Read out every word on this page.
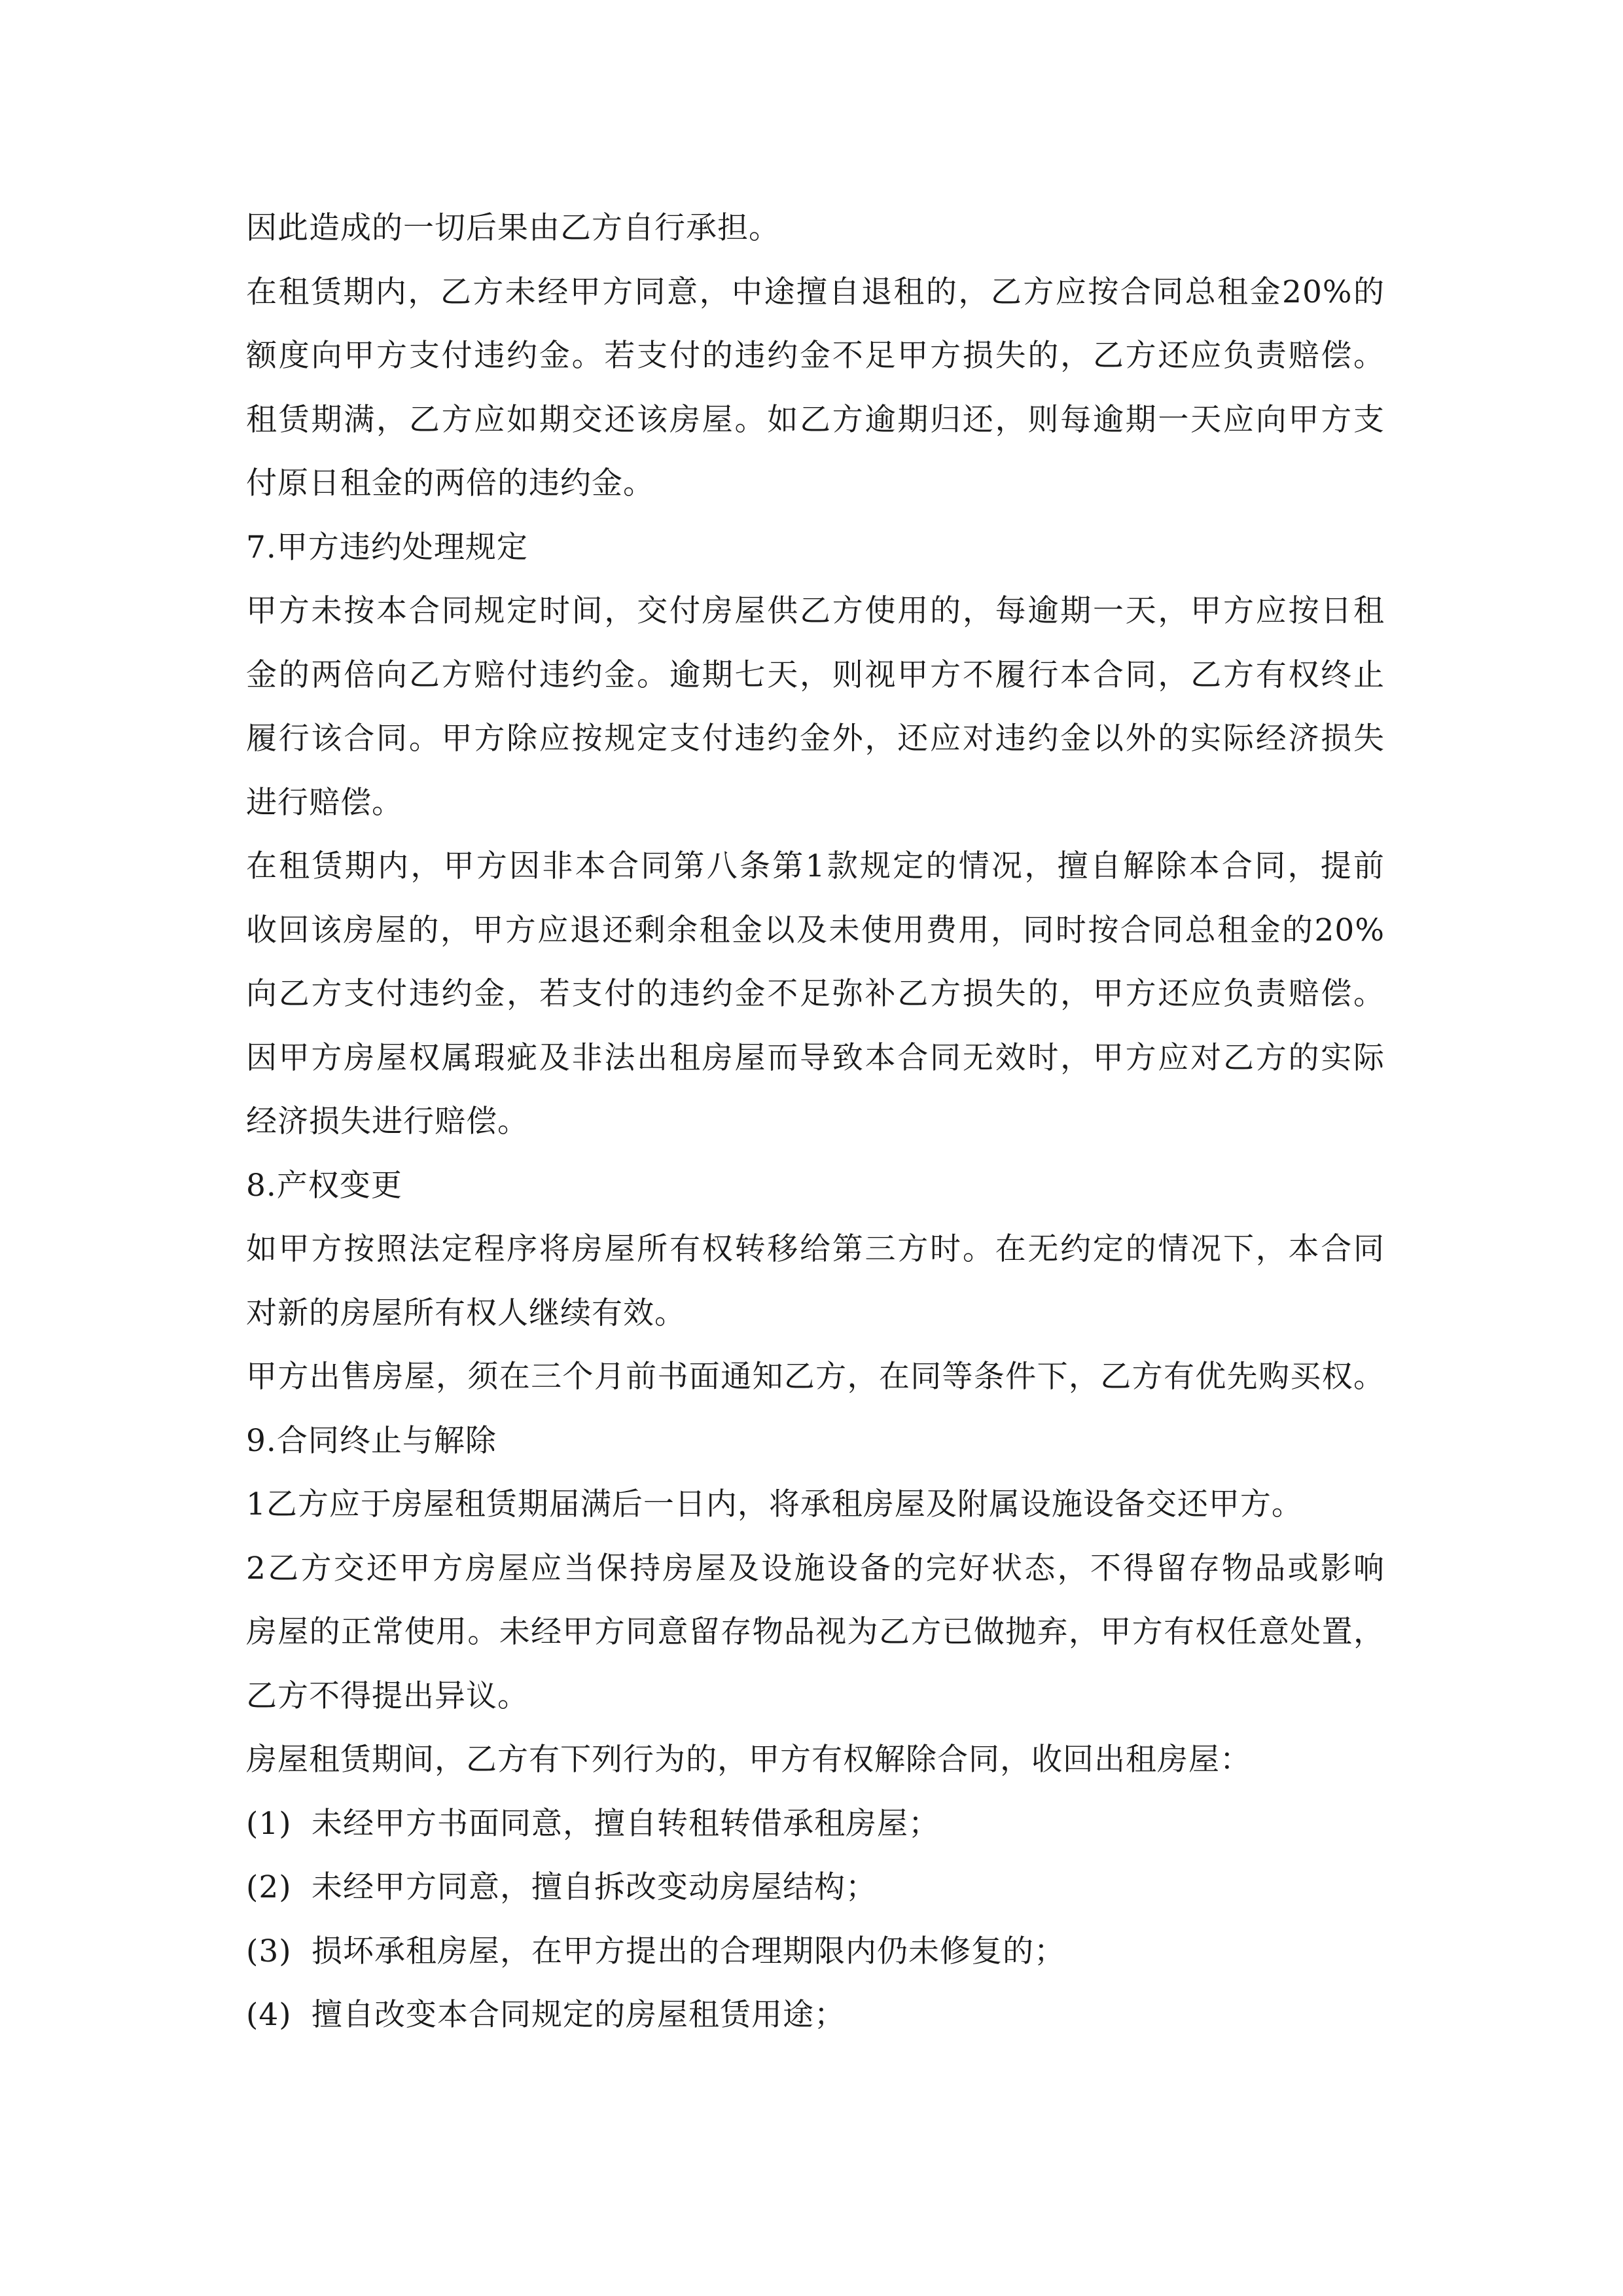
因此造成的一切后果由乙方自行承担。
在租赁期内，乙方未经甲方同意，中途擅自退租的，乙方应按合同总租金20%的
额度向甲方支付违约金。若支付的违约金不足甲方损失的，乙方还应负责赔偿。
租赁期满，乙方应如期交还该房屋。如乙方逾期归还，则每逾期一天应向甲方支
付原日租金的两倍的违约金。
7.甲方违约处理规定
甲方未按本合同规定时间，交付房屋供乙方使用的，每逾期一天，甲方应按日租
金的两倍向乙方赔付违约金。逾期七天，则视甲方不履行本合同，乙方有权终止
履行该合同。甲方除应按规定支付违约金外，还应对违约金以外的实际经济损失
进行赔偿。
在租赁期内，甲方因非本合同第八条第1款规定的情况，擅自解除本合同，提前
收回该房屋的，甲方应退还剩余租金以及未使用费用，同时按合同总租金的20%
向乙方支付违约金，若支付的违约金不足弥补乙方损失的，甲方还应负责赔偿。
因甲方房屋权属瑕疵及非法出租房屋而导致本合同无效时，甲方应对乙方的实际
经济损失进行赔偿。
8.产权变更
如甲方按照法定程序将房屋所有权转移给第三方时。在无约定的情况下，本合同
对新的房屋所有权人继续有效。
甲方出售房屋，须在三个月前书面通知乙方，在同等条件下，乙方有优先购买权。
9.合同终止与解除
1乙方应于房屋租赁期届满后一日内，将承租房屋及附属设施设备交还甲方。
2乙方交还甲方房屋应当保持房屋及设施设备的完好状态，不得留存物品或影响
房屋的正常使用。未经甲方同意留存物品视为乙方已做抛弃，甲方有权任意处置，
乙方不得提出异议。
房屋租赁期间，乙方有下列行为的，甲方有权解除合同，收回出租房屋：
(1) 未经甲方书面同意，擅自转租转借承租房屋；
(2) 未经甲方同意，擅自拆改变动房屋结构；
(3) 损坏承租房屋，在甲方提出的合理期限内仍未修复的；
(4) 擅自改变本合同规定的房屋租赁用途；
